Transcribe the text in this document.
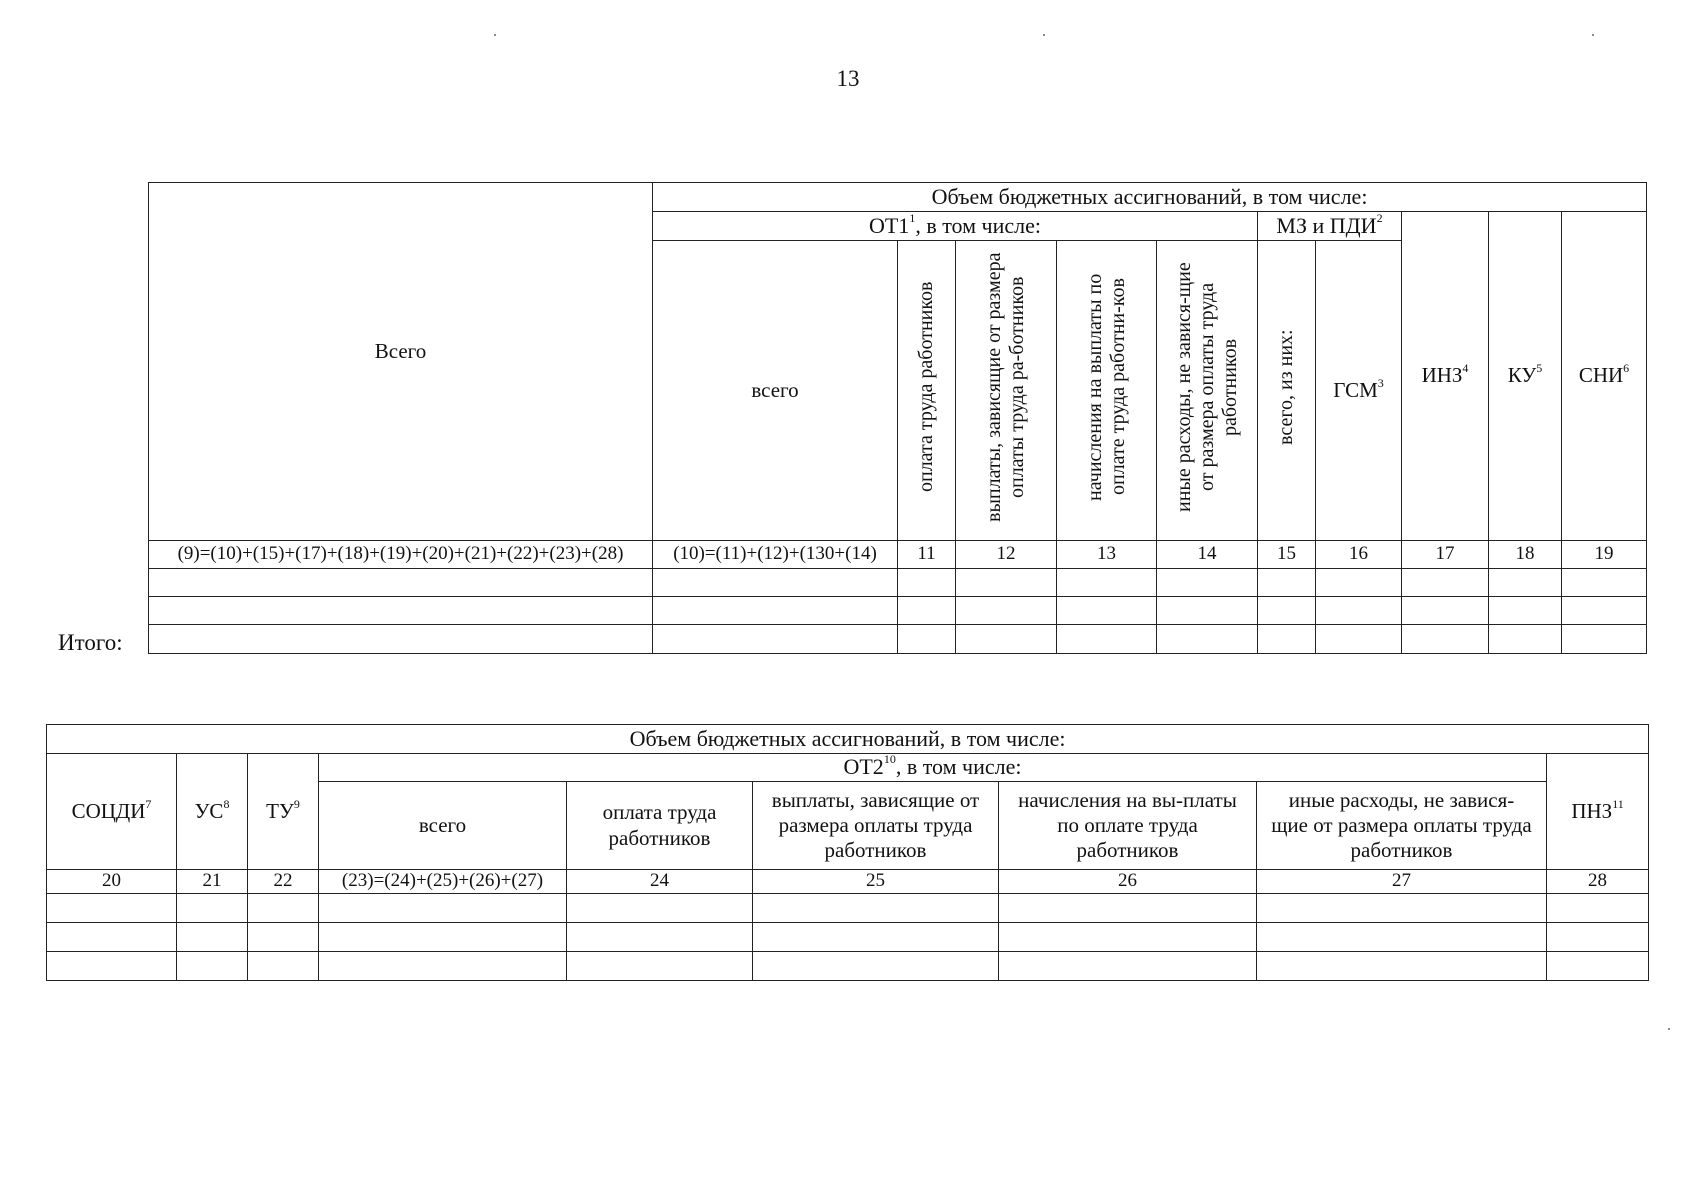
13
Всего	Объем бюджетных ассигнований, в том числе:									
	$ОТ1^1$, в том числе:					МЗ и ПДИ$^2$		ИНЗ$^4$	$КУ^5$	СНИ$^6$
	всего	оплата труда работников	выплаты, зависящие от размера оплаты труда ра-ботников	начисления на выплаты по оплате труда работни-ков	иные расходы, не завися-щие от размера оплаты труда работников	всего, из них:	ГСМ$^3$
(9)=(10)+(15)+(17)+(18)+(19)+(20)+(21)+(22)+(23)+(28)	(10)=(11)+(12)+(130+(14)	11	12	13	14	15	16	17	18	19

Итого:
Объем бюджетных ассигнований, в том числе:								
СОЦДИ$^7$	$УС^8$	$ТУ^9$	$ОТ2^{10}$, в том числе:					ПНЗ$^{11}$
			всего	оплата труда работников	выплаты, зависящие от размера оплаты труда работников	начисления на вы-платы по оплате труда работников	иные расходы, не завися-щие от размера оплаты труда работников	
20	21	22	(23)=(24)+(25)+(26)+(27)	24	25	26	27	28
